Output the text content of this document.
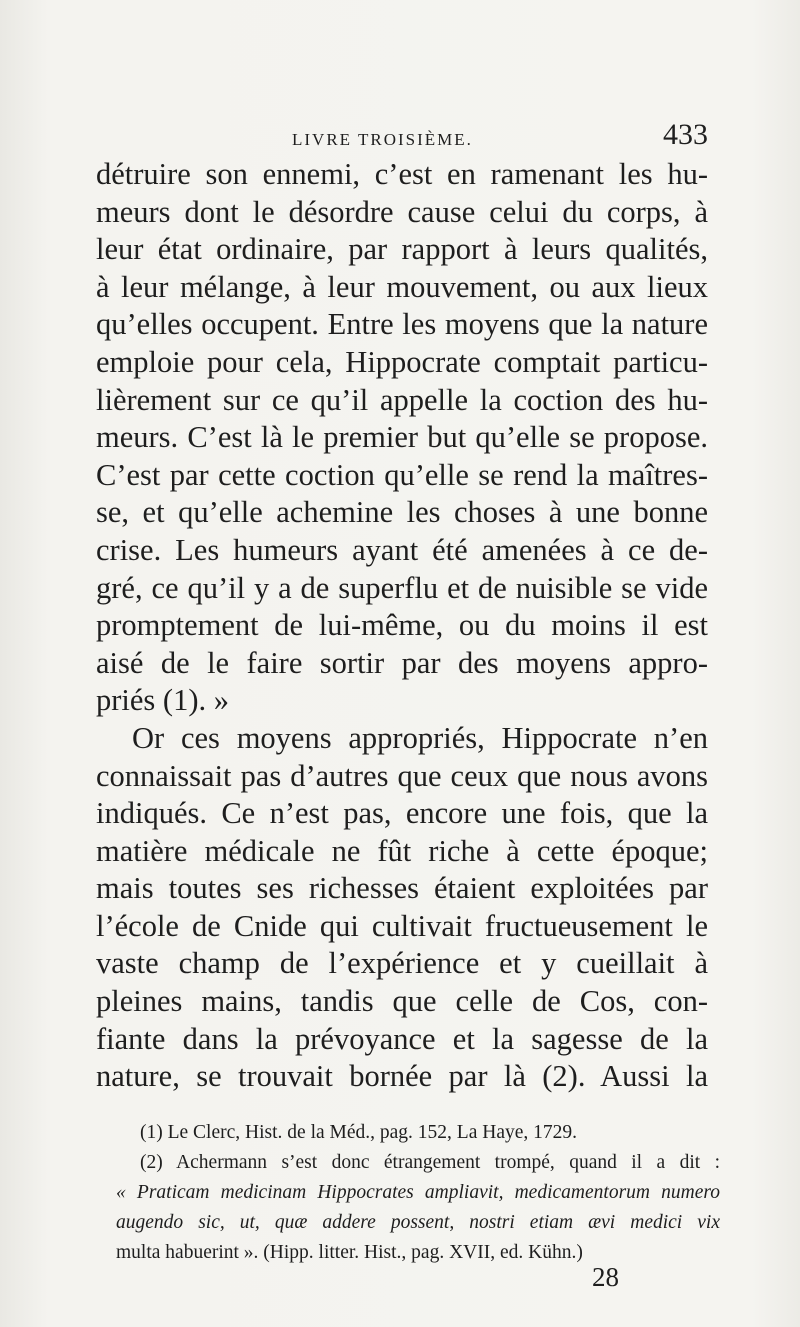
LIVRE TROISIÈME.	433
détruire son ennemi, c’est en ramenant les hu-
meurs dont le désordre cause celui du corps, à
leur état ordinaire, par rapport à leurs qualités,
à leur mélange, à leur mouvement, ou aux lieux
qu’elles occupent. Entre les moyens que la nature
emploie pour cela, Hippocrate comptait particu-
lièrement sur ce qu’il appelle la coction des hu-
meurs. C’est là le premier but qu’elle se propose.
C’est par cette coction qu’elle se rend la maîtres-
se, et qu’elle achemine les choses à une bonne
crise. Les humeurs ayant été amenées à ce de-
gré, ce qu’il y a de superflu et de nuisible se vide
promptement de lui-même, ou du moins il est
aisé de le faire sortir par des moyens appro-
priés (1). »
Or ces moyens appropriés, Hippocrate n’en
connaissait pas d’autres que ceux que nous avons
indiqués. Ce n’est pas, encore une fois, que la
matière médicale ne fût riche à cette époque;
mais toutes ses richesses étaient exploitées par
l’école de Cnide qui cultivait fructueusement le
vaste champ de l’expérience et y cueillait à
pleines mains, tandis que celle de Cos, con-
fiante dans la prévoyance et la sagesse de la
nature, se trouvait bornée par là (2). Aussi la
(1) Le Clerc, Hist. de la Méd., pag. 152, La Haye, 1729.
(2) Achermann s’est donc étrangement trompé, quand il a dit :
« Praticam medicinam Hippocrates ampliavit, medicamentorum numero
augendo sic, ut, quæ addere possent, nostri etiam ævi medici vix
multa habuerint ». (Hipp. litter. Hist., pag. XVII, ed. Kühn.)
28
